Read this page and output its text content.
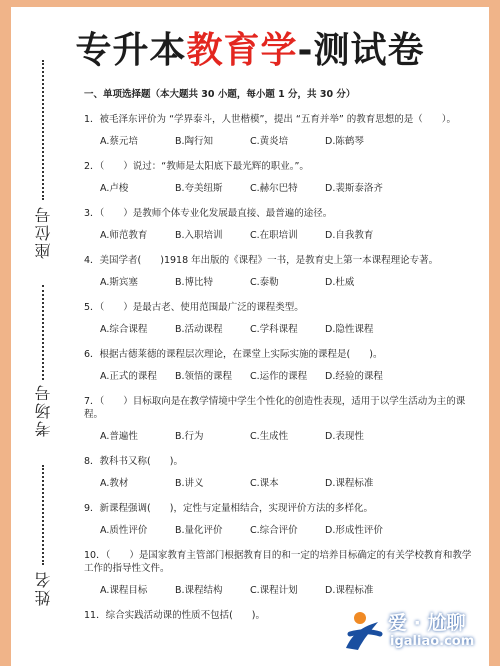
专升本教育学-测试卷
座位号
考场号
姓名
一、单项选择题（本大题共 30 小题，每小题 1 分，共 30 分）
1．被毛泽东评价为 “学界泰斗，人世楷模”，提出 “五育并举” 的教育思想的是（　　）。
A.蔡元培	B.陶行知	C.黄炎培	D.陈鹤琴
2．（　　）说过：“教师是太阳底下最光辉的职业。”。
A.卢梭	B.夸美纽斯	C.赫尔巴特	D.裴斯泰洛齐
3．（　　）是教师个体专业化发展最直接、最普遍的途径。
A.师范教育	B.入职培训	C.在职培训	D.自我教育
4．美国学者(　　)1918 年出版的《课程》一书，是教育史上第一本课程理论专著。
A.斯宾塞	B.博比特	C.泰勒	D.杜威
5．（　　）是最古老、使用范围最广泛的课程类型。
A.综合课程	B.活动课程	C.学科课程	D.隐性课程
6．根据古德莱德的课程层次理论，在课堂上实际实施的课程是(　　)。
A.正式的课程	B.领悟的课程	C.运作的课程	D.经验的课程
7．（　　）目标取向是在教学情境中学生个性化的创造性表现，适用于以学生活动为主的课程。
A.普遍性	B.行为	C.生成性	D.表现性
8．教科书又称(　　)。
A.教材	B.讲义	C.课本	D.课程标准
9．新课程强调(　　)，定性与定量相结合，实现评价方法的多样化。
A.质性评价	B.量化评价	C.综合评价	D.形成性评价
10．（　　）是国家教育主管部门根据教育目的和一定的培养目标确定的有关学校教育和教学工作的指导性文件。
A.课程目标	B.课程结构	C.课程计划	D.课程标准
11．综合实践活动课的性质不包括(　　)。	爱 · 尬聊
igaliao.com
